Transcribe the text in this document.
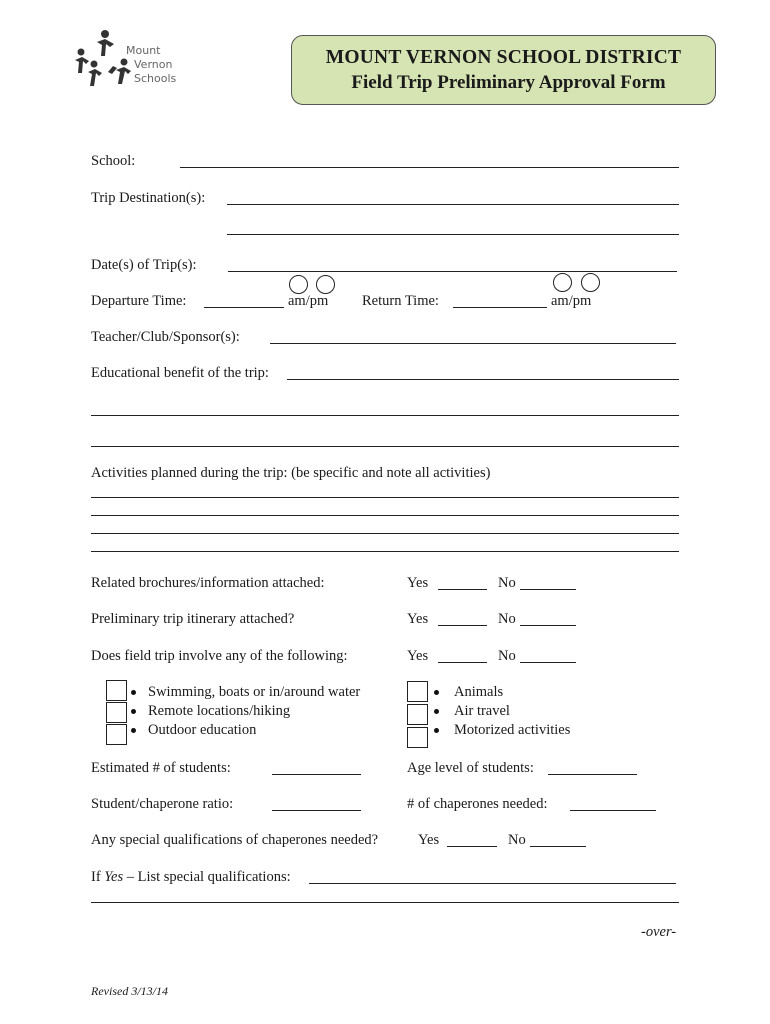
Mount
Vernon
Schools
MOUNT VERNON SCHOOL DISTRICT
Field Trip Preliminary Approval Form
School:
Trip Destination(s):
Date(s) of Trip(s):
Departure Time:	am/pm Return Time:	am/pm
Teacher/Club/Sponsor(s):
Educational benefit of the trip:
Activities planned during the trip: (be specific and note all activities)
Related brochures/information attached:	Yes	No
Preliminary trip itinerary attached?	Yes	No
Does field trip involve any of the following:	Yes	No
Swimming, boats or in/around water
Remote locations/hiking
Outdoor education
Animals
Air travel
Motorized activities
Estimated # of students:	Age level of students:
Student/chaperone ratio:	# of chaperones needed:
Any special qualifications of chaperones needed?	Yes	No
If Yes – List special qualifications:
-over-
Revised 3/13/14
